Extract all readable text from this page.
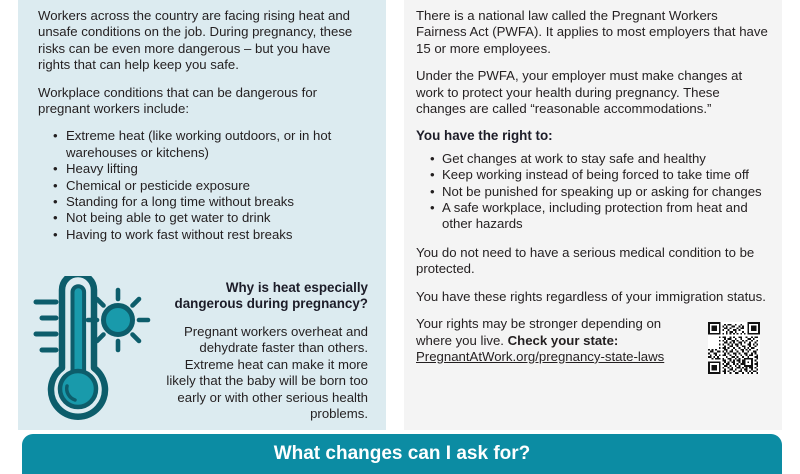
Workers across the country are facing rising heat and unsafe conditions on the job. During pregnancy, these risks can be even more dangerous – but you have rights that can help keep you safe.

Workplace conditions that can be dangerous for pregnant workers include:

• Extreme heat (like working outdoors, or in hot warehouses or kitchens)
• Heavy lifting
• Chemical or pesticide exposure
• Standing for a long time without breaks
• Not being able to get water to drink
• Having to work fast without rest breaks
Why is heat especially dangerous during pregnancy?
Pregnant workers overheat and dehydrate faster than others. Extreme heat can make it more likely that the baby will be born too early or with other serious health problems.

There is a national law called the Pregnant Workers Fairness Act (PWFA). It applies to most employers that have 15 or more employees.

Under the PWFA, your employer must make changes at work to protect your health during pregnancy. These changes are called “reasonable accommodations.”

You have the right to:
• Get changes at work to stay safe and healthy
• Keep working instead of being forced to take time off
• Not be punished for speaking up or asking for changes
• A safe workplace, including protection from heat and other hazards

You do not need to have a serious medical condition to be protected.

You have these rights regardless of your immigration status.

Your rights may be stronger depending on where you live. Check your state:
PregnantAtWork.org/pregnancy-state-laws
What changes can I ask for?
